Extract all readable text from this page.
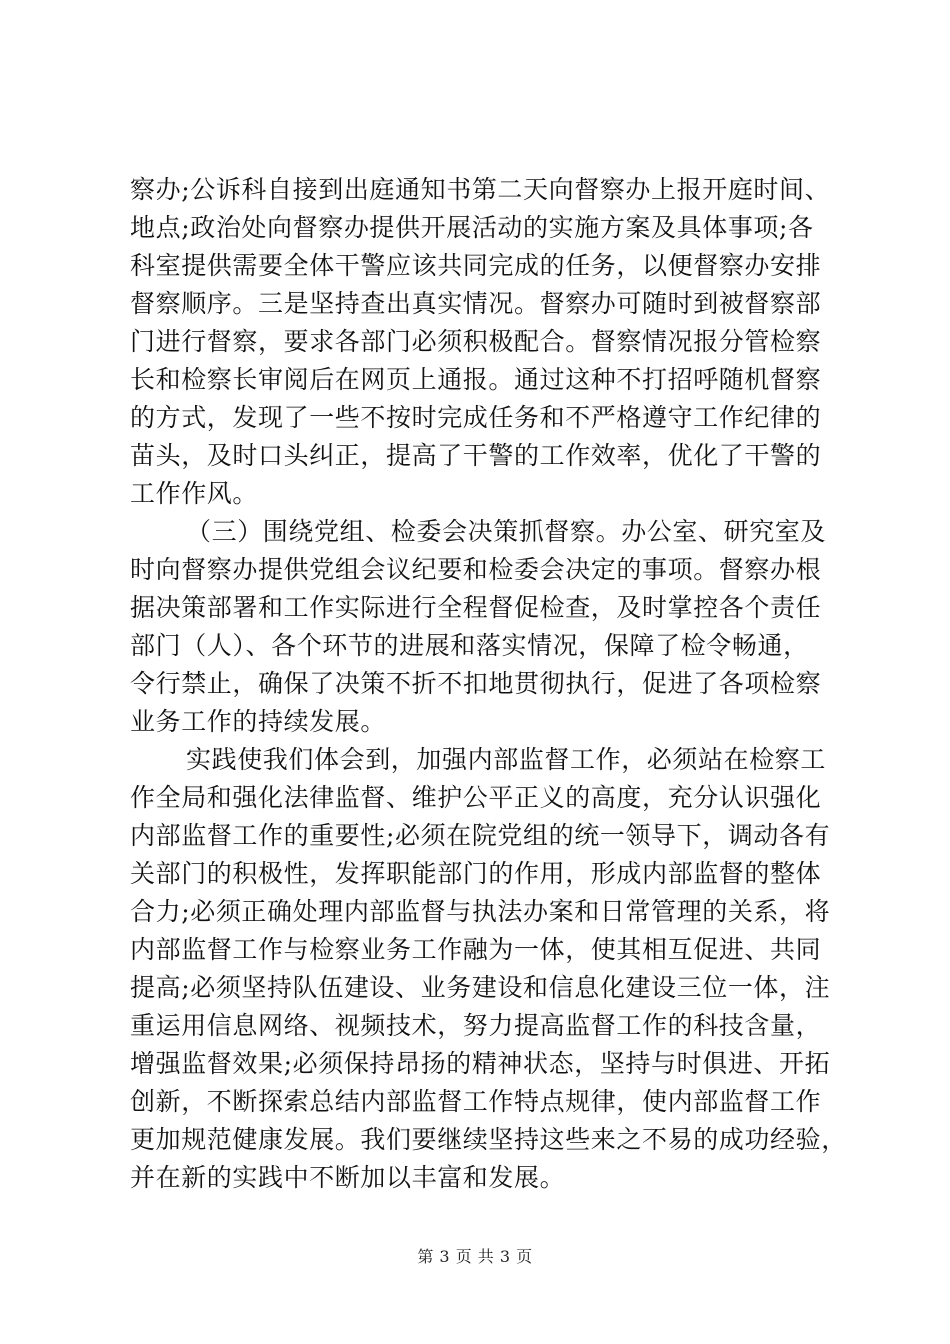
察办;公诉科自接到出庭通知书第二天向督察办上报开庭时间、
地点;政治处向督察办提供开展活动的实施方案及具体事项;各
科室提供需要全体干警应该共同完成的任务，以便督察办安排
督察顺序。三是坚持查出真实情况。督察办可随时到被督察部
门进行督察，要求各部门必须积极配合。督察情况报分管检察
长和检察长审阅后在网页上通报。通过这种不打招呼随机督察
的方式，发现了一些不按时完成任务和不严格遵守工作纪律的
苗头，及时口头纠正，提高了干警的工作效率，优化了干警的
工作作风。
（三）围绕党组、检委会决策抓督察。办公室、研究室及
时向督察办提供党组会议纪要和检委会决定的事项。督察办根
据决策部署和工作实际进行全程督促检查，及时掌控各个责任
部门（人）、各个环节的进展和落实情况，保障了检令畅通，
令行禁止，确保了决策不折不扣地贯彻执行，促进了各项检察
业务工作的持续发展。
实践使我们体会到，加强内部监督工作，必须站在检察工
作全局和强化法律监督、维护公平正义的高度，充分认识强化
内部监督工作的重要性;必须在院党组的统一领导下，调动各有
关部门的积极性，发挥职能部门的作用，形成内部监督的整体
合力;必须正确处理内部监督与执法办案和日常管理的关系，将
内部监督工作与检察业务工作融为一体，使其相互促进、共同
提高;必须坚持队伍建设、业务建设和信息化建设三位一体，注
重运用信息网络、视频技术，努力提高监督工作的科技含量，
增强监督效果;必须保持昂扬的精神状态，坚持与时俱进、开拓
创新，不断探索总结内部监督工作特点规律，使内部监督工作
更加规范健康发展。我们要继续坚持这些来之不易的成功经验，
并在新的实践中不断加以丰富和发展。
第 3 页 共 3 页
